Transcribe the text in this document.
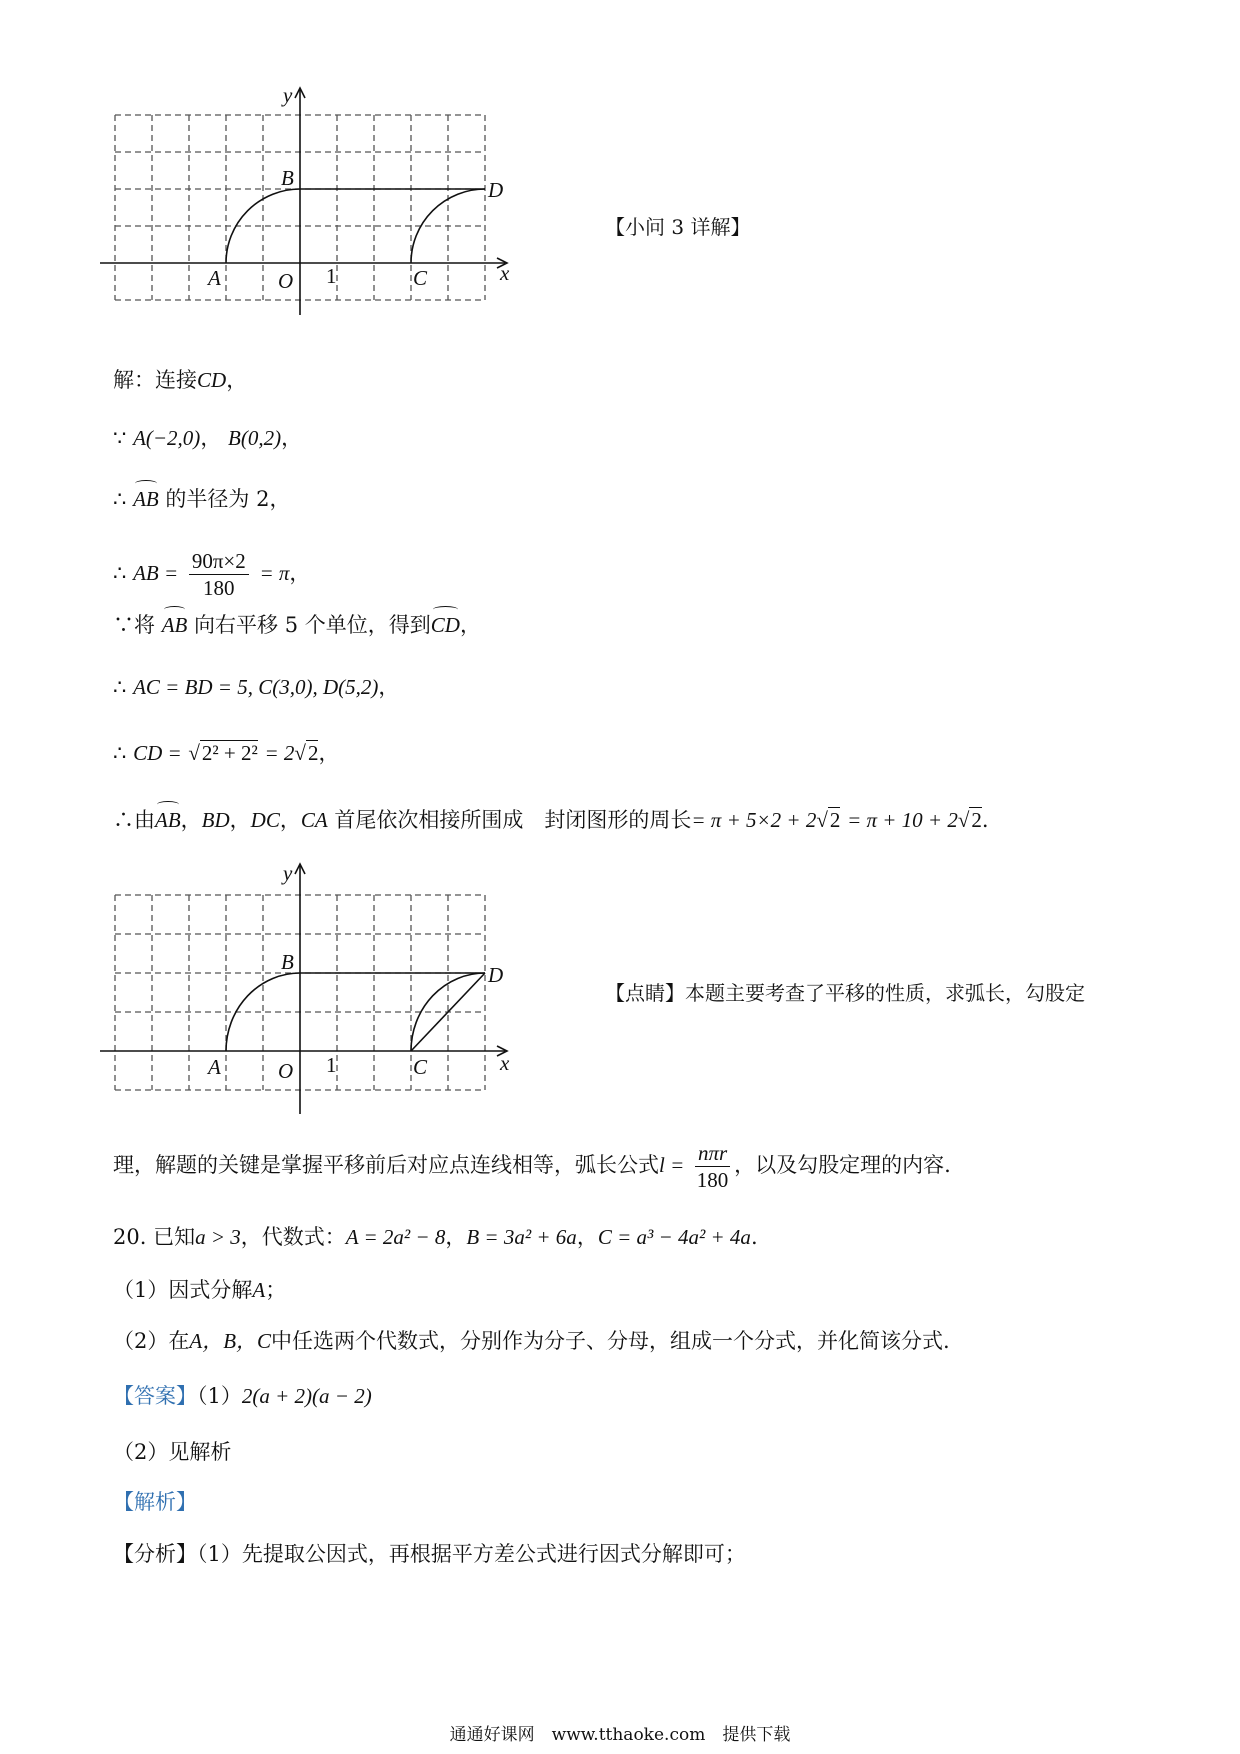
y
x
A
B
C
D
O 1
【小问 3 详解】
解：连接CD，
∵ A(−2,0)， B(0,2)，
∴ AB 的半径为 2，
∴ AB = $\frac{90\pi\times 2}{180} = \pi$，
∵将 AB 向右平移 5 个单位，得到CD，
∴ AC = BD = 5, C(3,0), D(5,2)，
∴ CD = √2² + 2² = 2√2，
∴由AB，BD，DC，CA 首尾依次相接所围成　封闭图形的周长= π + 5×2 + 2√2 = π + 10 + 2√2.
y
x
A
B
C
D
O 1
【点睛】本题主要考查了平移的性质，求弧长，勾股定
理，解题的关键是掌握平移前后对应点连线相等，弧长公式$l = \frac{\text{nπr}}{180}$ ，以及勾股定理的内容.
20. 已知a > 3，代数式：A = 2a² − 8，B = 3a² + 6a，C = a³ − 4a² + 4a.
（1）因式分解A；
（2）在A，B，C中任选两个代数式，分别作为分子、分母，组成一个分式，并化简该分式.
【答案】（1）2(a + 2)(a − 2)
（2）见解析
【解析】
【分析】（1）先提取公因式，再根据平方差公式进行因式分解即可；
通通好课网　www.tthaoke.com　提供下载
